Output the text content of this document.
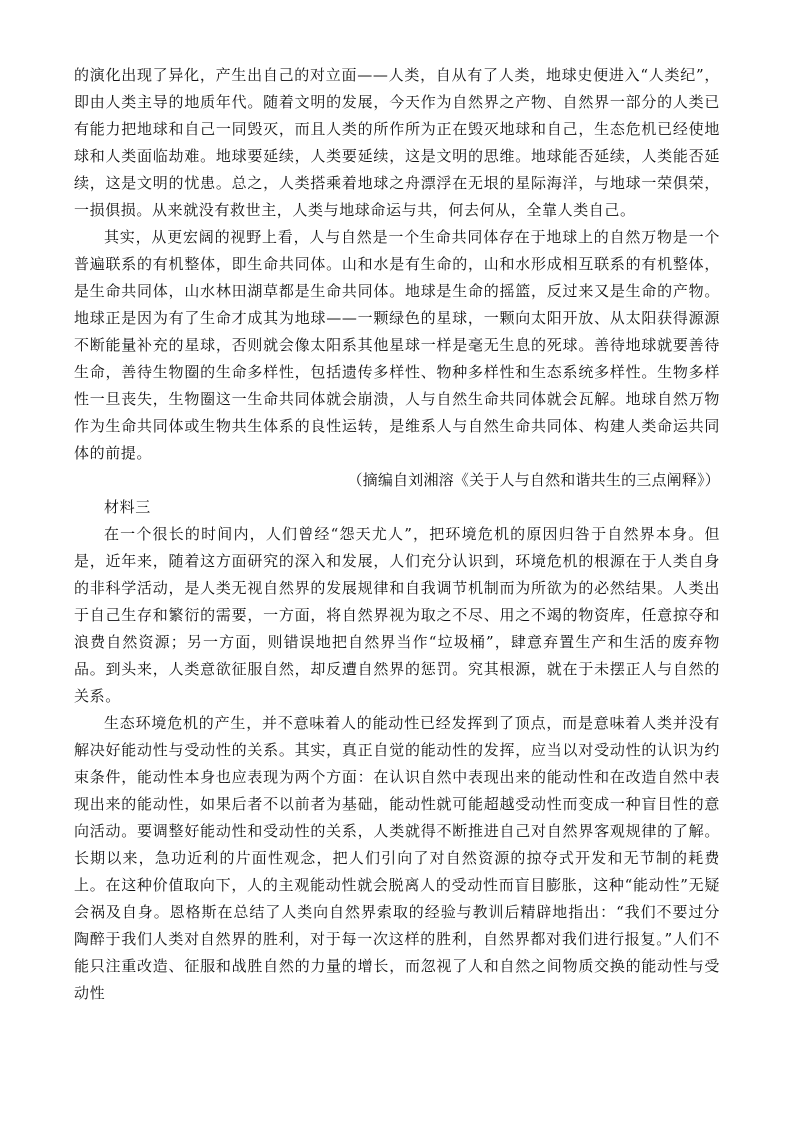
的演化出现了异化，产生出自己的对立面——人类，自从有了人类，地球史便进入“人类纪”，即由人类主导的地质年代。随着文明的发展，今天作为自然界之产物、自然界一部分的人类已有能力把地球和自己一同毁灭，而且人类的所作所为正在毁灭地球和自己，生态危机已经使地球和人类面临劫难。地球要延续，人类要延续，这是文明的思维。地球能否延续，人类能否延续，这是文明的忧患。总之，人类搭乘着地球之舟漂浮在无垠的星际海洋，与地球一荣俱荣，一损俱损。从来就没有救世主，人类与地球命运与共，何去何从，全靠人类自己。

其实，从更宏阔的视野上看，人与自然是一个生命共同体存在于地球上的自然万物是一个普遍联系的有机整体，即生命共同体。山和水是有生命的，山和水形成相互联系的有机整体，是生命共同体，山水林田湖草都是生命共同体。地球是生命的摇篮，反过来又是生命的产物。地球正是因为有了生命才成其为地球——一颗绿色的星球，一颗向太阳开放、从太阳获得源源不断能量补充的星球，否则就会像太阳系其他星球一样是毫无生息的死球。善待地球就要善待生命，善待生物圈的生命多样性，包括遗传多样性、物种多样性和生态系统多样性。生物多样性一旦丧失，生物圈这一生命共同体就会崩溃，人与自然生命共同体就会瓦解。地球自然万物作为生命共同体或生物共生体系的良性运转，是维系人与自然生命共同体、构建人类命运共同体的前提。

（摘编自刘湘溶《关于人与自然和谐共生的三点阐释》）

材料三

在一个很长的时间内，人们曾经“怨天尤人”，把环境危机的原因归咎于自然界本身。但是，近年来，随着这方面研究的深入和发展，人们充分认识到，环境危机的根源在于人类自身的非科学活动，是人类无视自然界的发展规律和自我调节机制而为所欲为的必然结果。人类出于自己生存和繁衍的需要，一方面，将自然界视为取之不尽、用之不竭的物资库，任意掠夺和浪费自然资源；另一方面，则错误地把自然界当作“垃圾桶”，肆意弃置生产和生活的废弃物品。到头来，人类意欲征服自然，却反遭自然界的惩罚。究其根源，就在于未摆正人与自然的关系。

生态环境危机的产生，并不意味着人的能动性已经发挥到了顶点，而是意味着人类并没有解决好能动性与受动性的关系。其实，真正自觉的能动性的发挥，应当以对受动性的认识为约束条件，能动性本身也应表现为两个方面：在认识自然中表现出来的能动性和在改造自然中表现出来的能动性，如果后者不以前者为基础，能动性就可能超越受动性而变成一种盲目性的意向活动。要调整好能动性和受动性的关系，人类就得不断推进自己对自然界客观规律的了解。长期以来，急功近利的片面性观念，把人们引向了对自然资源的掠夺式开发和无节制的耗费上。在这种价值取向下，人的主观能动性就会脱离人的受动性而盲目膨胀，这种“能动性”无疑会祸及自身。恩格斯在总结了人类向自然界索取的经验与教训后精辟地指出：“我们不要过分陶醉于我们人类对自然界的胜利，对于每一次这样的胜利，自然界都对我们进行报复。”人们不能只注重改造、征服和战胜自然的力量的增长，而忽视了人和自然之间物质交换的能动性与受动性
